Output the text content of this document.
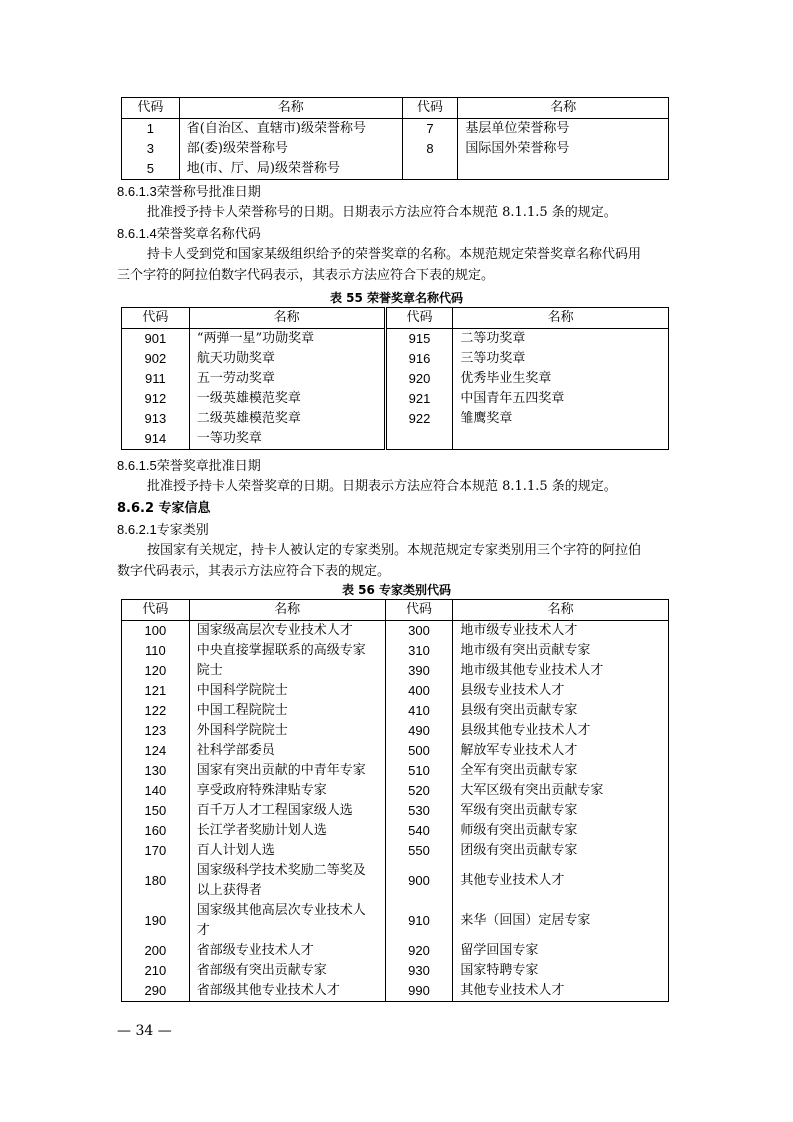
代码	名称	代码	名称
1	省(自治区、直辖市)级荣誉称号	7	基层单位荣誉称号
3	部(委)级荣誉称号	8	国际国外荣誉称号
5	地(市、厅、局)级荣誉称号		
8.6.1.3荣誉称号批准日期
批准授予持卡人荣誉称号的日期。日期表示方法应符合本规范 8.1.1.5 条的规定。
8.6.1.4荣誉奖章名称代码
持卡人受到党和国家某级组织给予的荣誉奖章的名称。本规范规定荣誉奖章名称代码用
三个字符的阿拉伯数字代码表示，其表示方法应符合下表的规定。
表 55 荣誉奖章名称代码
代码	名称	代码	名称
901	“两弹一星”功勋奖章	915	二等功奖章
902	航天功勋奖章	916	三等功奖章
911	五一劳动奖章	920	优秀毕业生奖章
912	一级英雄模范奖章	921	中国青年五四奖章
913	二级英雄模范奖章	922	雏鹰奖章
914	一等功奖章		
8.6.1.5荣誉奖章批准日期
批准授予持卡人荣誉奖章的日期。日期表示方法应符合本规范 8.1.1.5 条的规定。
8.6.2 专家信息
8.6.2.1专家类别
按国家有关规定，持卡人被认定的专家类别。本规范规定专家类别用三个字符的阿拉伯
数字代码表示，其表示方法应符合下表的规定。
表 56 专家类别代码
代码	名称	代码	名称
100	国家级高层次专业技术人才	300	地市级专业技术人才
110	中央直接掌握联系的高级专家	310	地市级有突出贡献专家
120	院士	390	地市级其他专业技术人才
121	中国科学院院士	400	县级专业技术人才
122	中国工程院院士	410	县级有突出贡献专家
123	外国科学院院士	490	县级其他专业技术人才
124	社科学部委员	500	解放军专业技术人才
130	国家有突出贡献的中青年专家	510	全军有突出贡献专家
140	享受政府特殊津贴专家	520	大军区级有突出贡献专家
150	百千万人才工程国家级人选	530	军级有突出贡献专家
160	长江学者奖励计划人选	540	师级有突出贡献专家
170	百人计划人选	550	团级有突出贡献专家
180	国家级科学技术奖励二等奖及
以上获得者	900	其他专业技术人才
190	国家级其他高层次专业技术人
才	910	来华（回国）定居专家
200	省部级专业技术人才	920	留学回国专家
210	省部级有突出贡献专家	930	国家特聘专家
290	省部级其他专业技术人才	990	其他专业技术人才
— 34 —
